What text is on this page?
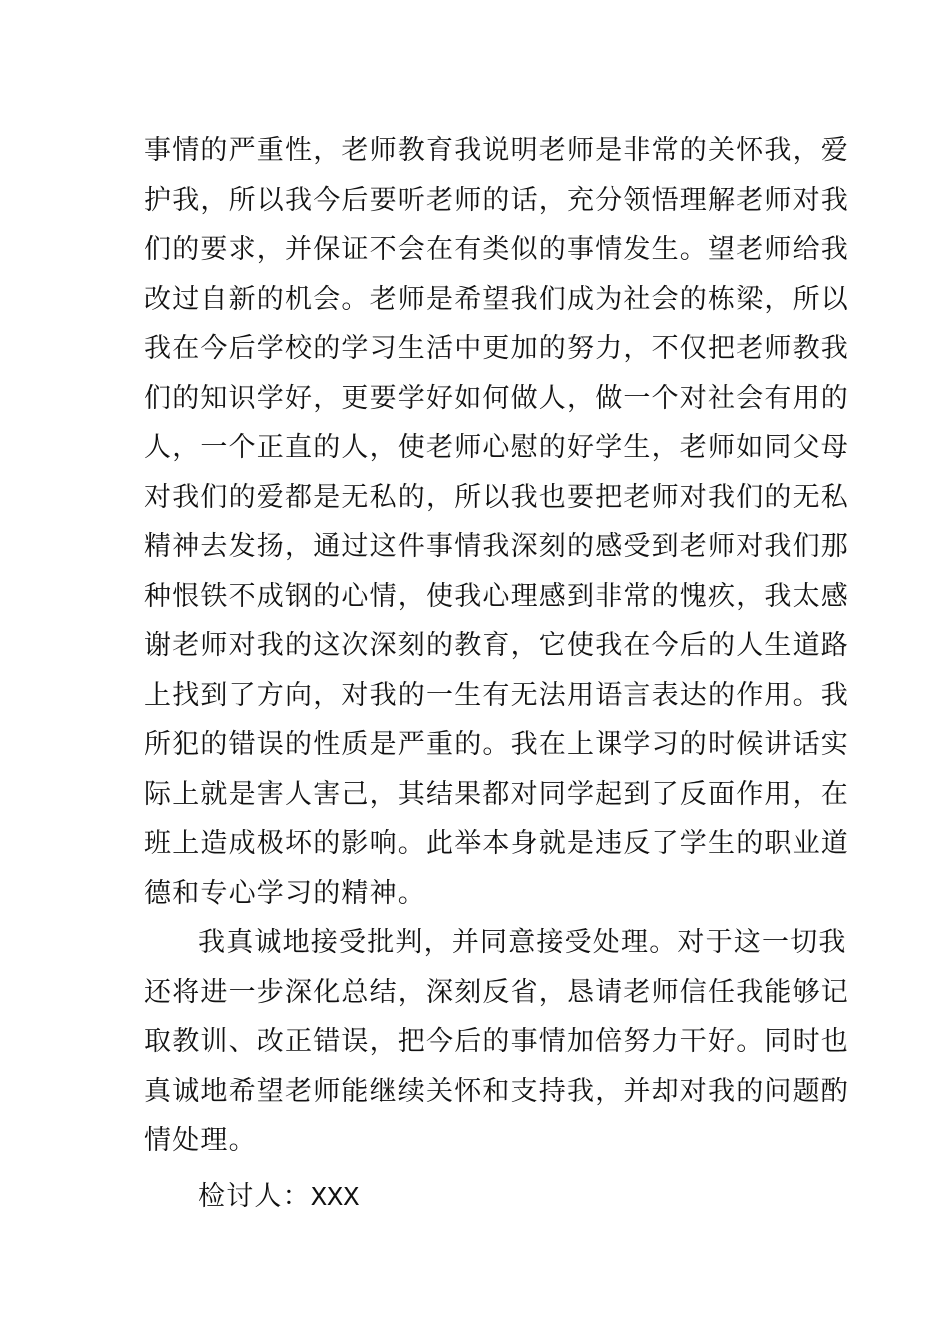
事情的严重性，老师教育我说明老师是非常的关怀我，爱
护我，所以我今后要听老师的话，充分领悟理解老师对我
们的要求，并保证不会在有类似的事情发生。望老师给我
改过自新的机会。老师是希望我们成为社会的栋梁，所以
我在今后学校的学习生活中更加的努力，不仅把老师教我
们的知识学好，更要学好如何做人，做一个对社会有用的
人，一个正直的人，使老师心慰的好学生，老师如同父母
对我们的爱都是无私的，所以我也要把老师对我们的无私
精神去发扬，通过这件事情我深刻的感受到老师对我们那
种恨铁不成钢的心情，使我心理感到非常的愧疚，我太感
谢老师对我的这次深刻的教育，它使我在今后的人生道路
上找到了方向，对我的一生有无法用语言表达的作用。我
所犯的错误的性质是严重的。我在上课学习的时候讲话实
际上就是害人害己，其结果都对同学起到了反面作用，在
班上造成极坏的影响。此举本身就是违反了学生的职业道
德和专心学习的精神。
我真诚地接受批判，并同意接受处理。对于这一切我
还将进一步深化总结，深刻反省，恳请老师信任我能够记
取教训、改正错误，把今后的事情加倍努力干好。同时也
真诚地希望老师能继续关怀和支持我，并却对我的问题酌
情处理。
检讨人：XXX
